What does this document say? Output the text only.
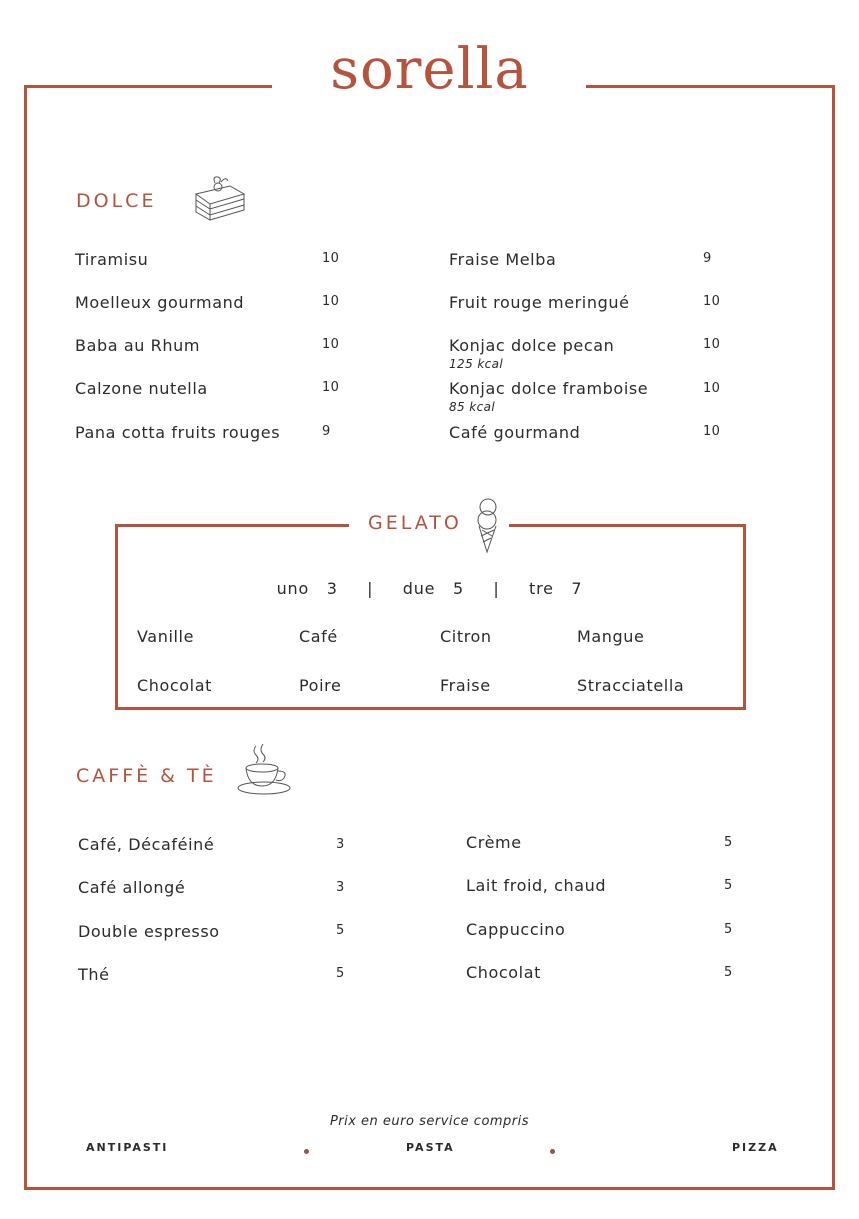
sorella
DOLCE
Tiramisu	10
Moelleux gourmand	10
Baba au Rhum	10
Calzone nutella	10
Pana cotta fruits rouges	9
Fraise Melba	9
Fruit rouge meringué	10
Konjac dolce pecan	10
125 kcal
Konjac dolce framboise	10
85 kcal
Café gourmand	10
GELATO
uno   3     |     due   5     |     tre   7
Vanille	Café	Citron	Mangue
Chocolat	Poire	Fraise	Stracciatella
CAFFÈ & TÈ
Café, Décaféiné	3
Café allongé	3
Double espresso	5
Thé	5
Crème	5
Lait froid, chaud	5
Cappuccino	5
Chocolat	5
Prix en euro service compris
ANTIPASTI	PASTA	PIZZA
